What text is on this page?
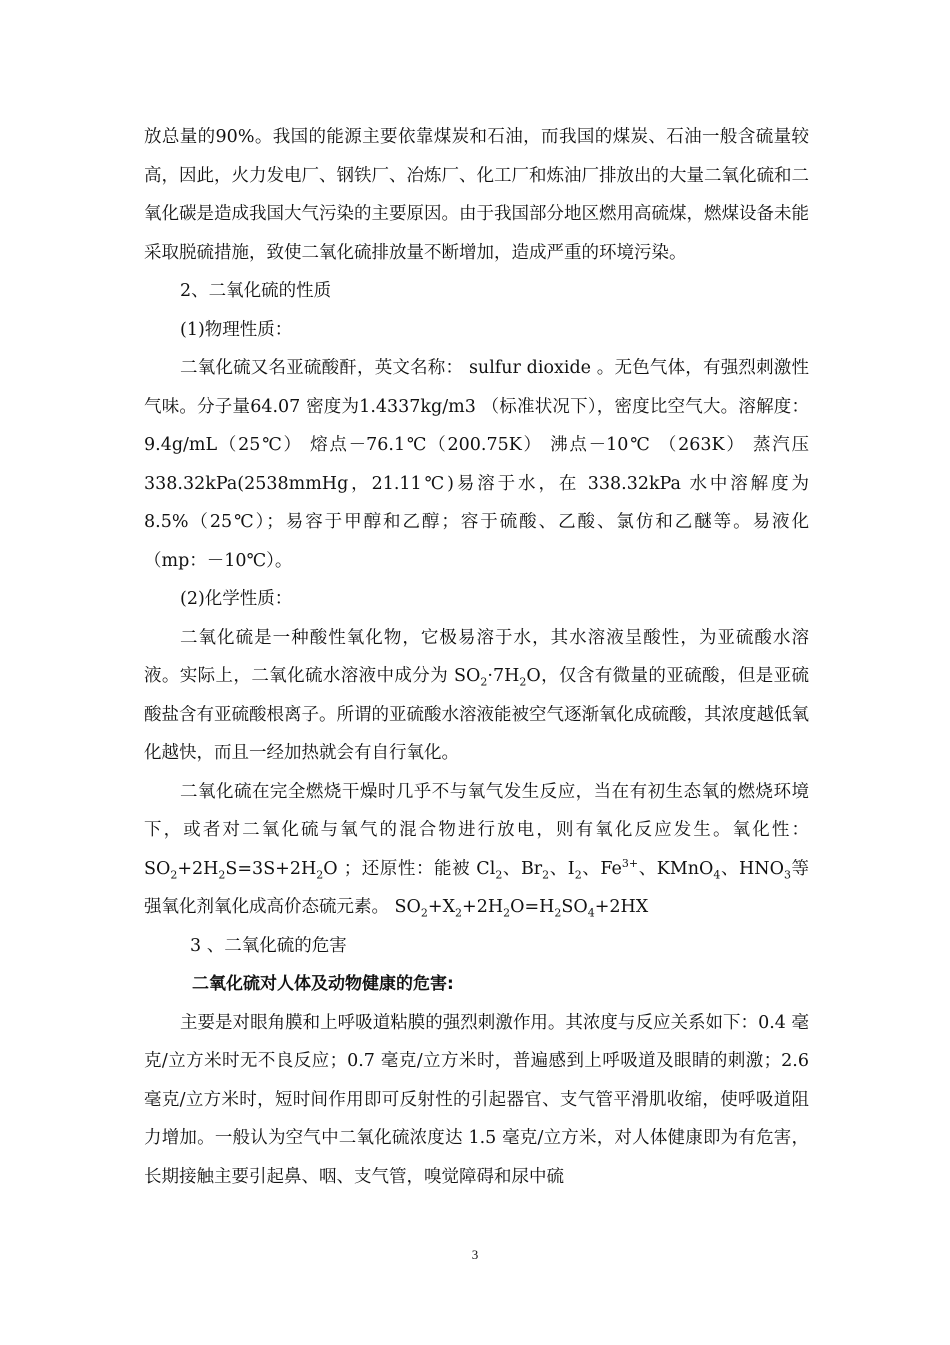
放总量的90%。我国的能源主要依靠煤炭和石油，而我国的煤炭、石油一般含硫量较高，因此，火力发电厂、钢铁厂、冶炼厂、化工厂和炼油厂排放出的大量二氧化硫和二氧化碳是造成我国大气污染的主要原因。由于我国部分地区燃用高硫煤，燃煤设备未能采取脱硫措施，致使二氧化硫排放量不断增加，造成严重的环境污染。

2、二氧化硫的性质

(1)物理性质：

二氧化硫又名亚硫酸酐，英文名称： sulfur dioxide 。无色气体，有强烈刺激性气味。分子量64.07 密度为1.4337kg/m3 （标准状况下），密度比空气大。溶解度：9.4g/mL（25℃） 熔点－76.1℃（200.75K） 沸点－10℃ （263K） 蒸汽压 338.32kPa(2538mmHg，21.11℃)易溶于水，在 338.32kPa 水中溶解度为8.5%（25℃）；易容于甲醇和乙醇；容于硫酸、乙酸、氯仿和乙醚等。易液化（mp：－10℃）。

(2)化学性质：

二氧化硫是一种酸性氧化物，它极易溶于水，其水溶液呈酸性，为亚硫酸水溶液。实际上，二氧化硫水溶液中成分为 $SO_2\cdot 7H_2O$，仅含有微量的亚硫酸，但是亚硫酸盐含有亚硫酸根离子。所谓的亚硫酸水溶液能被空气逐渐氧化成硫酸，其浓度越低氧化越快，而且一经加热就会有自行氧化。

二氧化硫在完全燃烧干燥时几乎不与氧气发生反应，当在有初生态氧的燃烧环境下，或者对二氧化硫与氧气的混合物进行放电，则有氧化反应发生。氧化性：$SO_2+2H_2S=3S+2H_2O$ ；还原性：能被 $Cl_2$、$Br_2$、$I_2$、$Fe^{3+}$、KMnO$_4$、$HNO_3$等强氧化剂氧化成高价态硫元素。 $SO_2+X_2+2H_2O=H_2SO_4+2HX$

3 、二氧化硫的危害

二氧化硫对人体及动物健康的危害:

主要是对眼角膜和上呼吸道粘膜的强烈刺激作用。其浓度与反应关系如下：0.4 毫克/立方米时无不良反应；0.7 毫克/立方米时，普遍感到上呼吸道及眼睛的刺激；2.6 毫克/立方米时，短时间作用即可反射性的引起器官、支气管平滑肌收缩，使呼吸道阻力增加。一般认为空气中二氧化硫浓度达 1.5 毫克/立方米，对人体健康即为有危害，长期接触主要引起鼻、咽、支气管，嗅觉障碍和尿中硫

3
